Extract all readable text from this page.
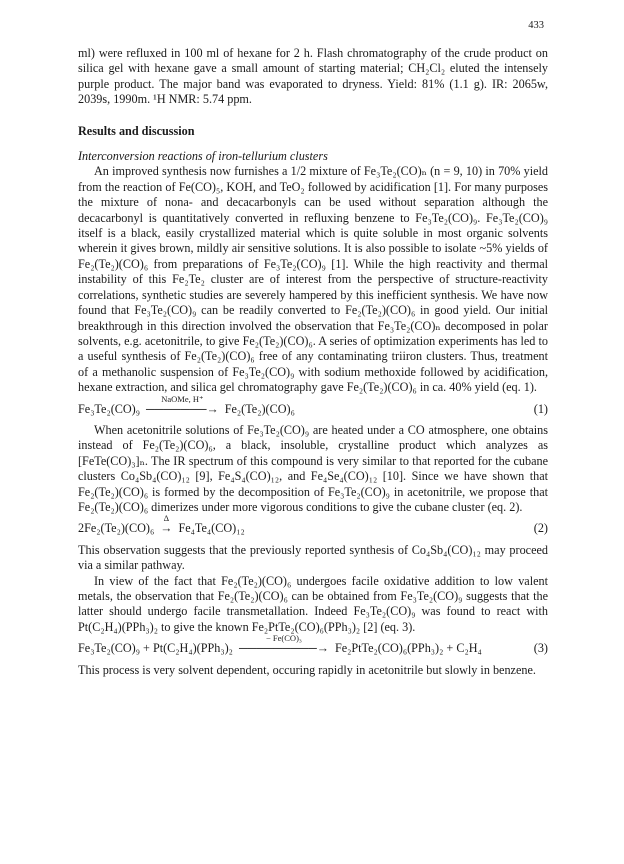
433

ml) were refluxed in 100 ml of hexane for 2 h. Flash chromatography of the crude product on silica gel with hexane gave a small amount of starting material; CH₂Cl₂ eluted the intensely purple product. The major band was evaporated to dryness. Yield: 81% (1.1 g). IR: 2065w, 2039s, 1990m. ¹H NMR: 5.74 ppm.

Results and discussion

Interconversion reactions of iron-tellurium clusters

An improved synthesis now furnishes a 1/2 mixture of Fe₃Te₂(CO)ₙ (n = 9, 10) in 70% yield from the reaction of Fe(CO)₅, KOH, and TeO₂ followed by acidification [1]. For many purposes the mixture of nona- and decacarbonyls can be used without separation although the decacarbonyl is quantitatively converted in refluxing benzene to Fe₃Te₂(CO)₉. Fe₃Te₂(CO)₉ itself is a black, easily crystallized material which is quite soluble in most organic solvents wherein it gives brown, mildly air sensitive solutions. It is also possible to isolate ~5% yields of Fe₂(Te₂)(CO)₆ from preparations of Fe₃Te₂(CO)₉ [1]. While the high reactivity and thermal instability of this Fe₂Te₂ cluster are of interest from the perspective of structure-reactivity correlations, synthetic studies are severely hampered by this inefficient synthesis. We have now found that Fe₃Te₂(CO)₉ can be readily converted to Fe₂(Te₂)(CO)₆ in good yield. Our initial breakthrough in this direction involved the observation that Fe₃Te₂(CO)ₙ decomposed in polar solvents, e.g. acetonitrile, to give Fe₂(Te₂)(CO)₆. A series of optimization experiments has led to a useful synthesis of Fe₂(Te₂)(CO)₆ free of any contaminating triiron clusters. Thus, treatment of a methanolic suspension of Fe₃Te₂(CO)₉ with sodium methoxide followed by acidification, hexane extraction, and silica gel chromatography gave Fe₂(Te₂)(CO)₆ in ca. 40% yield (eq. 1).

Fe₃Te₂(CO)₉
NaOMe, H⁺
───────→ Fe₂(Te₂)(CO)₆	(1)

When acetonitrile solutions of Fe₃Te₂(CO)₉ are heated under a CO atmosphere, one obtains instead of Fe₂(Te₂)(CO)₆, a black, insoluble, crystalline product which analyzes as [FeTe(CO)₃]ₙ. The IR spectrum of this compound is very similar to that reported for the cubane clusters Co₄Sb₄(CO)₁₂ [9], Fe₄S₄(CO)₁₂, and Fe₄Se₄(CO)₁₂ [10]. Since we have shown that Fe₂(Te₂)(CO)₆ is formed by the decomposition of Fe₃Te₂(CO)₉ in acetonitrile, we propose that Fe₂(Te₂)(CO)₆ dimerizes under more vigorous conditions to give the cubane cluster (eq. 2).

2Fe₂(Te₂)(CO)₆
Δ
→ Fe₄Te₄(CO)₁₂	(2)

This observation suggests that the previously reported synthesis of Co₄Sb₄(CO)₁₂ may proceed via a similar pathway.

In view of the fact that Fe₂(Te₂)(CO)₆ undergoes facile oxidative addition to low valent metals, the observation that Fe₂(Te₂)(CO)₆ can be obtained from Fe₃Te₂(CO)₉ suggests that the latter should undergo facile transmetallation. Indeed Fe₃Te₂(CO)₉ was found to react with Pt(C₂H₄)(PPh₃)₂ to give the known Fe₂PtTe₂(CO)₆(PPh₃)₂ [2] (eq. 3).

Fe₃Te₂(CO)₉ + Pt(C₂H₄)(PPh₃)₂
− Fe(CO)₃
─────────→ Fe₂PtTe₂(CO)₆(PPh₃)₂ + C₂H₄	(3)

This process is very solvent dependent, occuring rapidly in acetonitrile but slowly in benzene.
